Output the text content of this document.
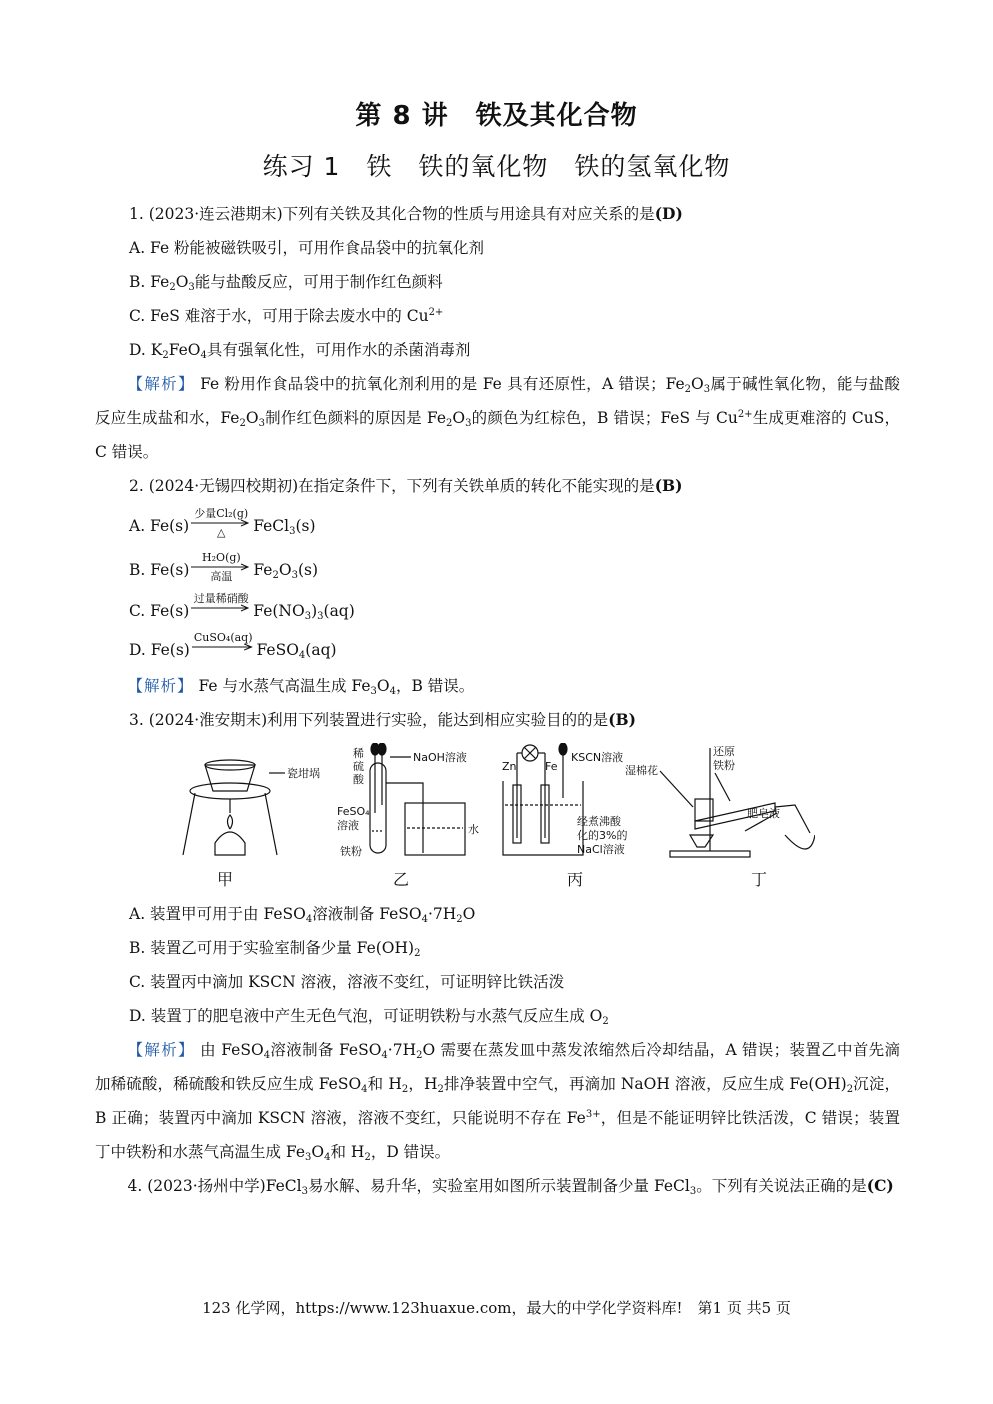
第 8 讲　铁及其化合物
练习 1　铁　铁的氧化物　铁的氢氧化物
1. (2023·连云港期末)下列有关铁及其化合物的性质与用途具有对应关系的是(D)
A. Fe 粉能被磁铁吸引，可用作食品袋中的抗氧化剂
B. $Fe_2O_3$能与盐酸反应，可用于制作红色颜料
C. FeS 难溶于水，可用于除去废水中的 $Cu^{2+}$
D. $K_2FeO_4$具有强氧化性，可用作水的杀菌消毒剂
【解析】 Fe 粉用作食品袋中的抗氧化剂利用的是 Fe 具有还原性，A 错误；$Fe_2O_3$属于碱性氧化物，能与盐酸反应生成盐和水，$Fe_2O_3$制作红色颜料的原因是 $Fe_2O_3$的颜色为红棕色，B 错误；FeS 与 $Cu^{2+}$生成更难溶的 CuS，C 错误。
2. (2024·无锡四校期初)在指定条件下，下列有关铁单质的转化不能实现的是(B)
A. Fe(s)
少量Cl₂(g)
△ FeCl$_3$(s)
B. Fe(s)
H₂O(g)
高温 $Fe_2O_3(s)$
C. Fe(s)
过量稀硝酸
$Fe(NO_3)_3(aq)$
D. Fe(s)
CuSO₄(aq)
FeSO$_4$(aq)
【解析】 Fe 与水蒸气高温生成 $Fe_3O_4$，B 错误。
3. (2024·淮安期末)利用下列装置进行实验，能达到相应实验目的的是(B)
瓷坩埚
稀
硫
酸
NaOH溶液
FeSO₄
溶液	水
铁粉
Zn	Fe
KSCN溶液
经煮沸酸
化的3%的
NaCl溶液
湿棉花
还原
铁粉
肥皂液
甲	乙	丙	丁
A. 装置甲可用于由 FeSO$_4$溶液制备 $FeSO_4\cdot 7H_2O$
B. 装置乙可用于实验室制备少量 $Fe(OH)_2$
C. 装置丙中滴加 KSCN 溶液，溶液不变红，可证明锌比铁活泼
D. 装置丁的肥皂液中产生无色气泡，可证明铁粉与水蒸气反应生成 $O_2$
【解析】 由 FeSO$_4$溶液制备 $FeSO_4\cdot 7H_2O$ 需要在蒸发皿中蒸发浓缩然后冷却结晶，A 错误；装置乙中首先滴加稀硫酸，稀硫酸和铁反应生成 FeSO$_4$和 $H_2$，$H_2$排净装置中空气，再滴加 NaOH 溶液，反应生成 $Fe(OH)_2$沉淀，B 正确；装置丙中滴加 KSCN 溶液，溶液不变红，只能说明不存在 $Fe^{3+}$，但是不能证明锌比铁活泼，C 错误；装置丁中铁粉和水蒸气高温生成 $Fe_3O_4$和 $H_2$，D 错误。
4. (2023·扬州中学)FeCl$_3$易水解、易升华，实验室用如图所示装置制备少量 FeCl$_3$。下列有关说法正确的是(C)
123 化学网，https://www.123huaxue.com，最大的中学化学资料库!　第1 页 共5 页
